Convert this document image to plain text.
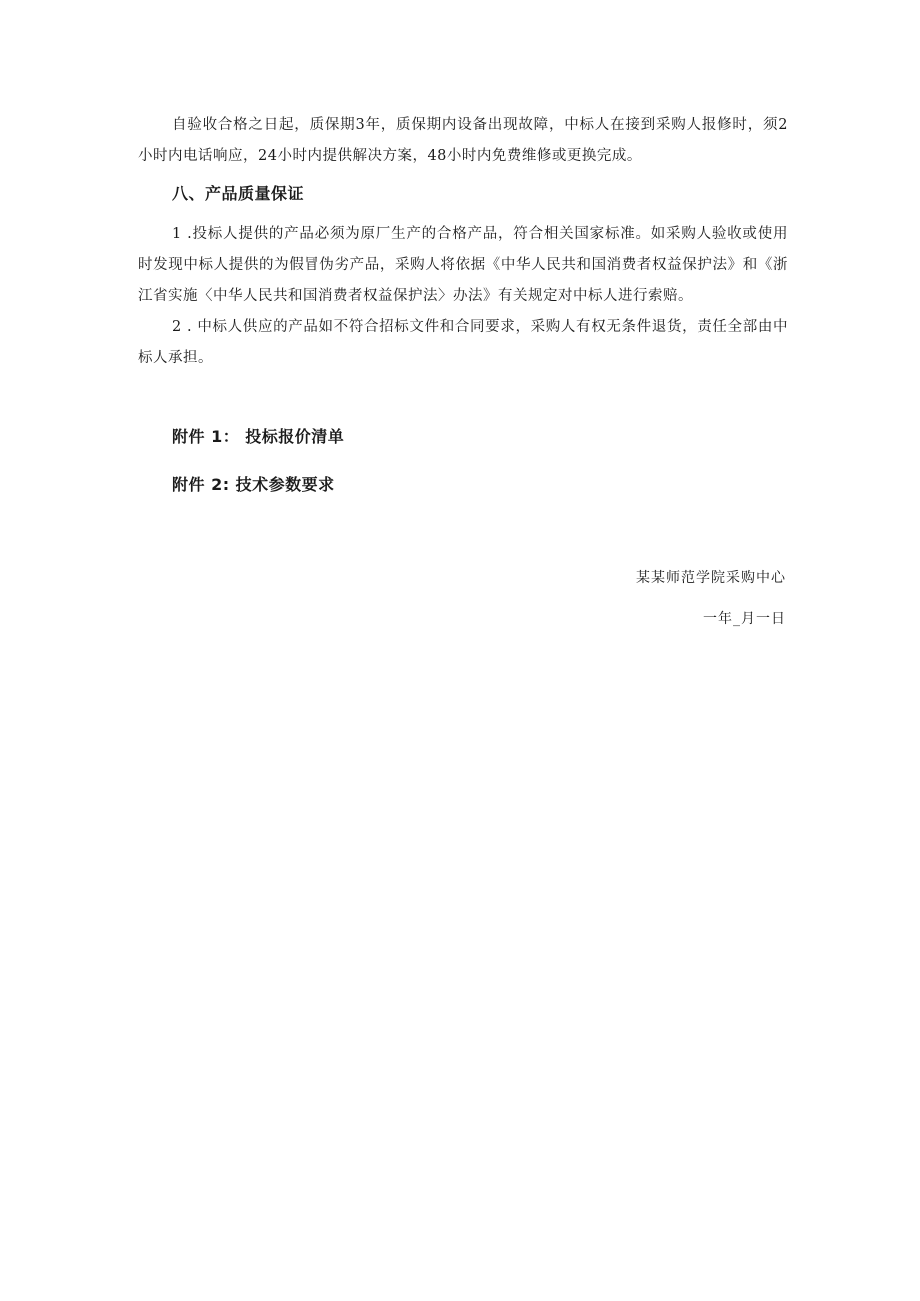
自验收合格之日起，质保期3年，质保期内设备出现故障，中标人在接到采购人报修时，须2小时内电话响应，24小时内提供解决方案，48小时内免费维修或更换完成。

八、产品质量保证

1 .投标人提供的产品必须为原厂生产的合格产品，符合相关国家标准。如采购人验收或使用时发现中标人提供的为假冒伪劣产品，采购人将依据《中华人民共和国消费者权益保护法》和《浙江省实施〈中华人民共和国消费者权益保护法〉办法》有关规定对中标人进行索赔。

2 . 中标人供应的产品如不符合招标文件和合同要求，采购人有权无条件退货，责任全部由中标人承担。

附件 1： 投标报价清单

附件 2: 技术参数要求

某某师范学院采购中心

一年_月一日
